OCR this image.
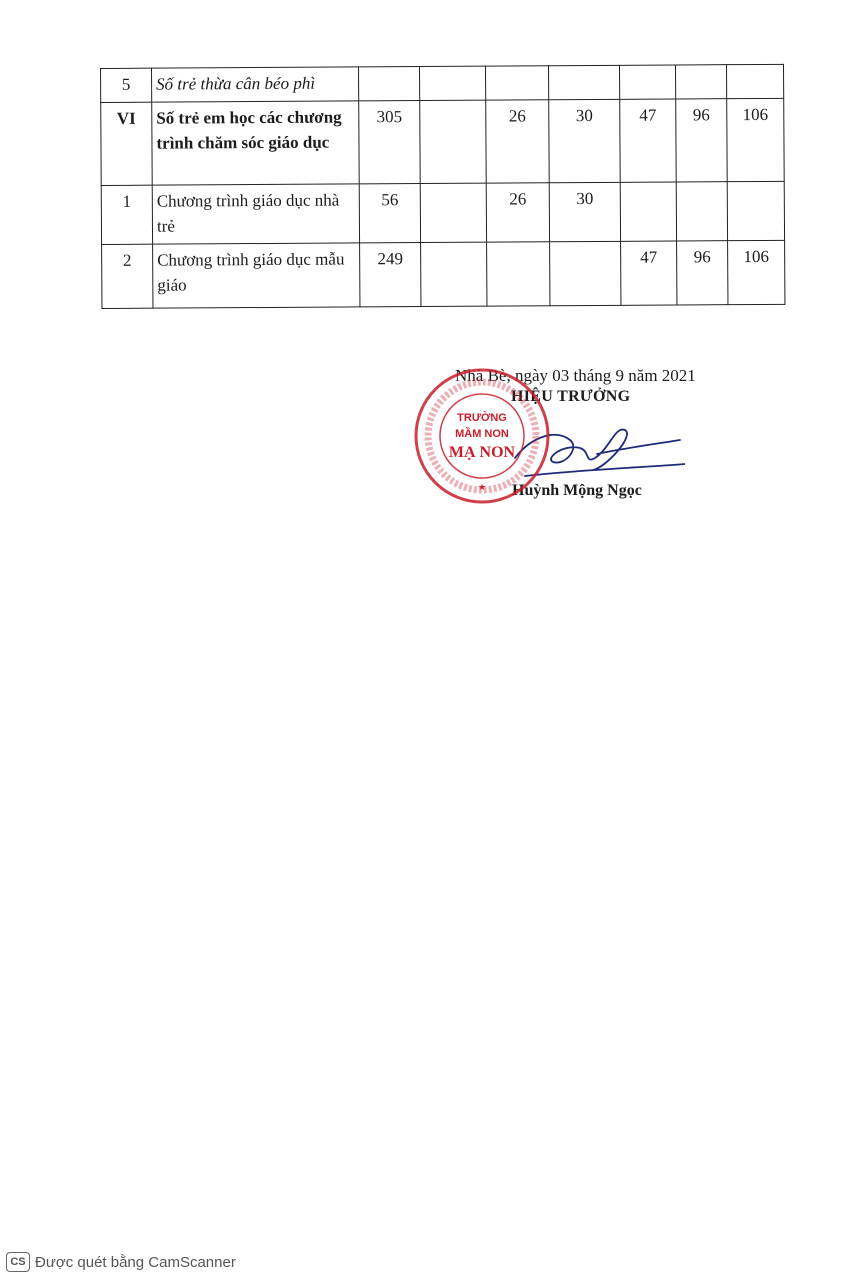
5	Số trẻ thừa cân béo phì							
VI	Số trẻ em học các chương trình chăm sóc giáo dục	305		26	30	47	96	106
1	Chương trình giáo dục nhà trẻ	56		26	30			
2	Chương trình giáo dục mẫu giáo	249				47	96	106
Nhà Bè, ngày 03 tháng 9 năm 2021
HIỆU TRƯỞNG
Huỳnh Mộng Ngọc
★
TRƯỜNG
MẦM NON
MẠ NON
CS Được quét bằng CamScanner
